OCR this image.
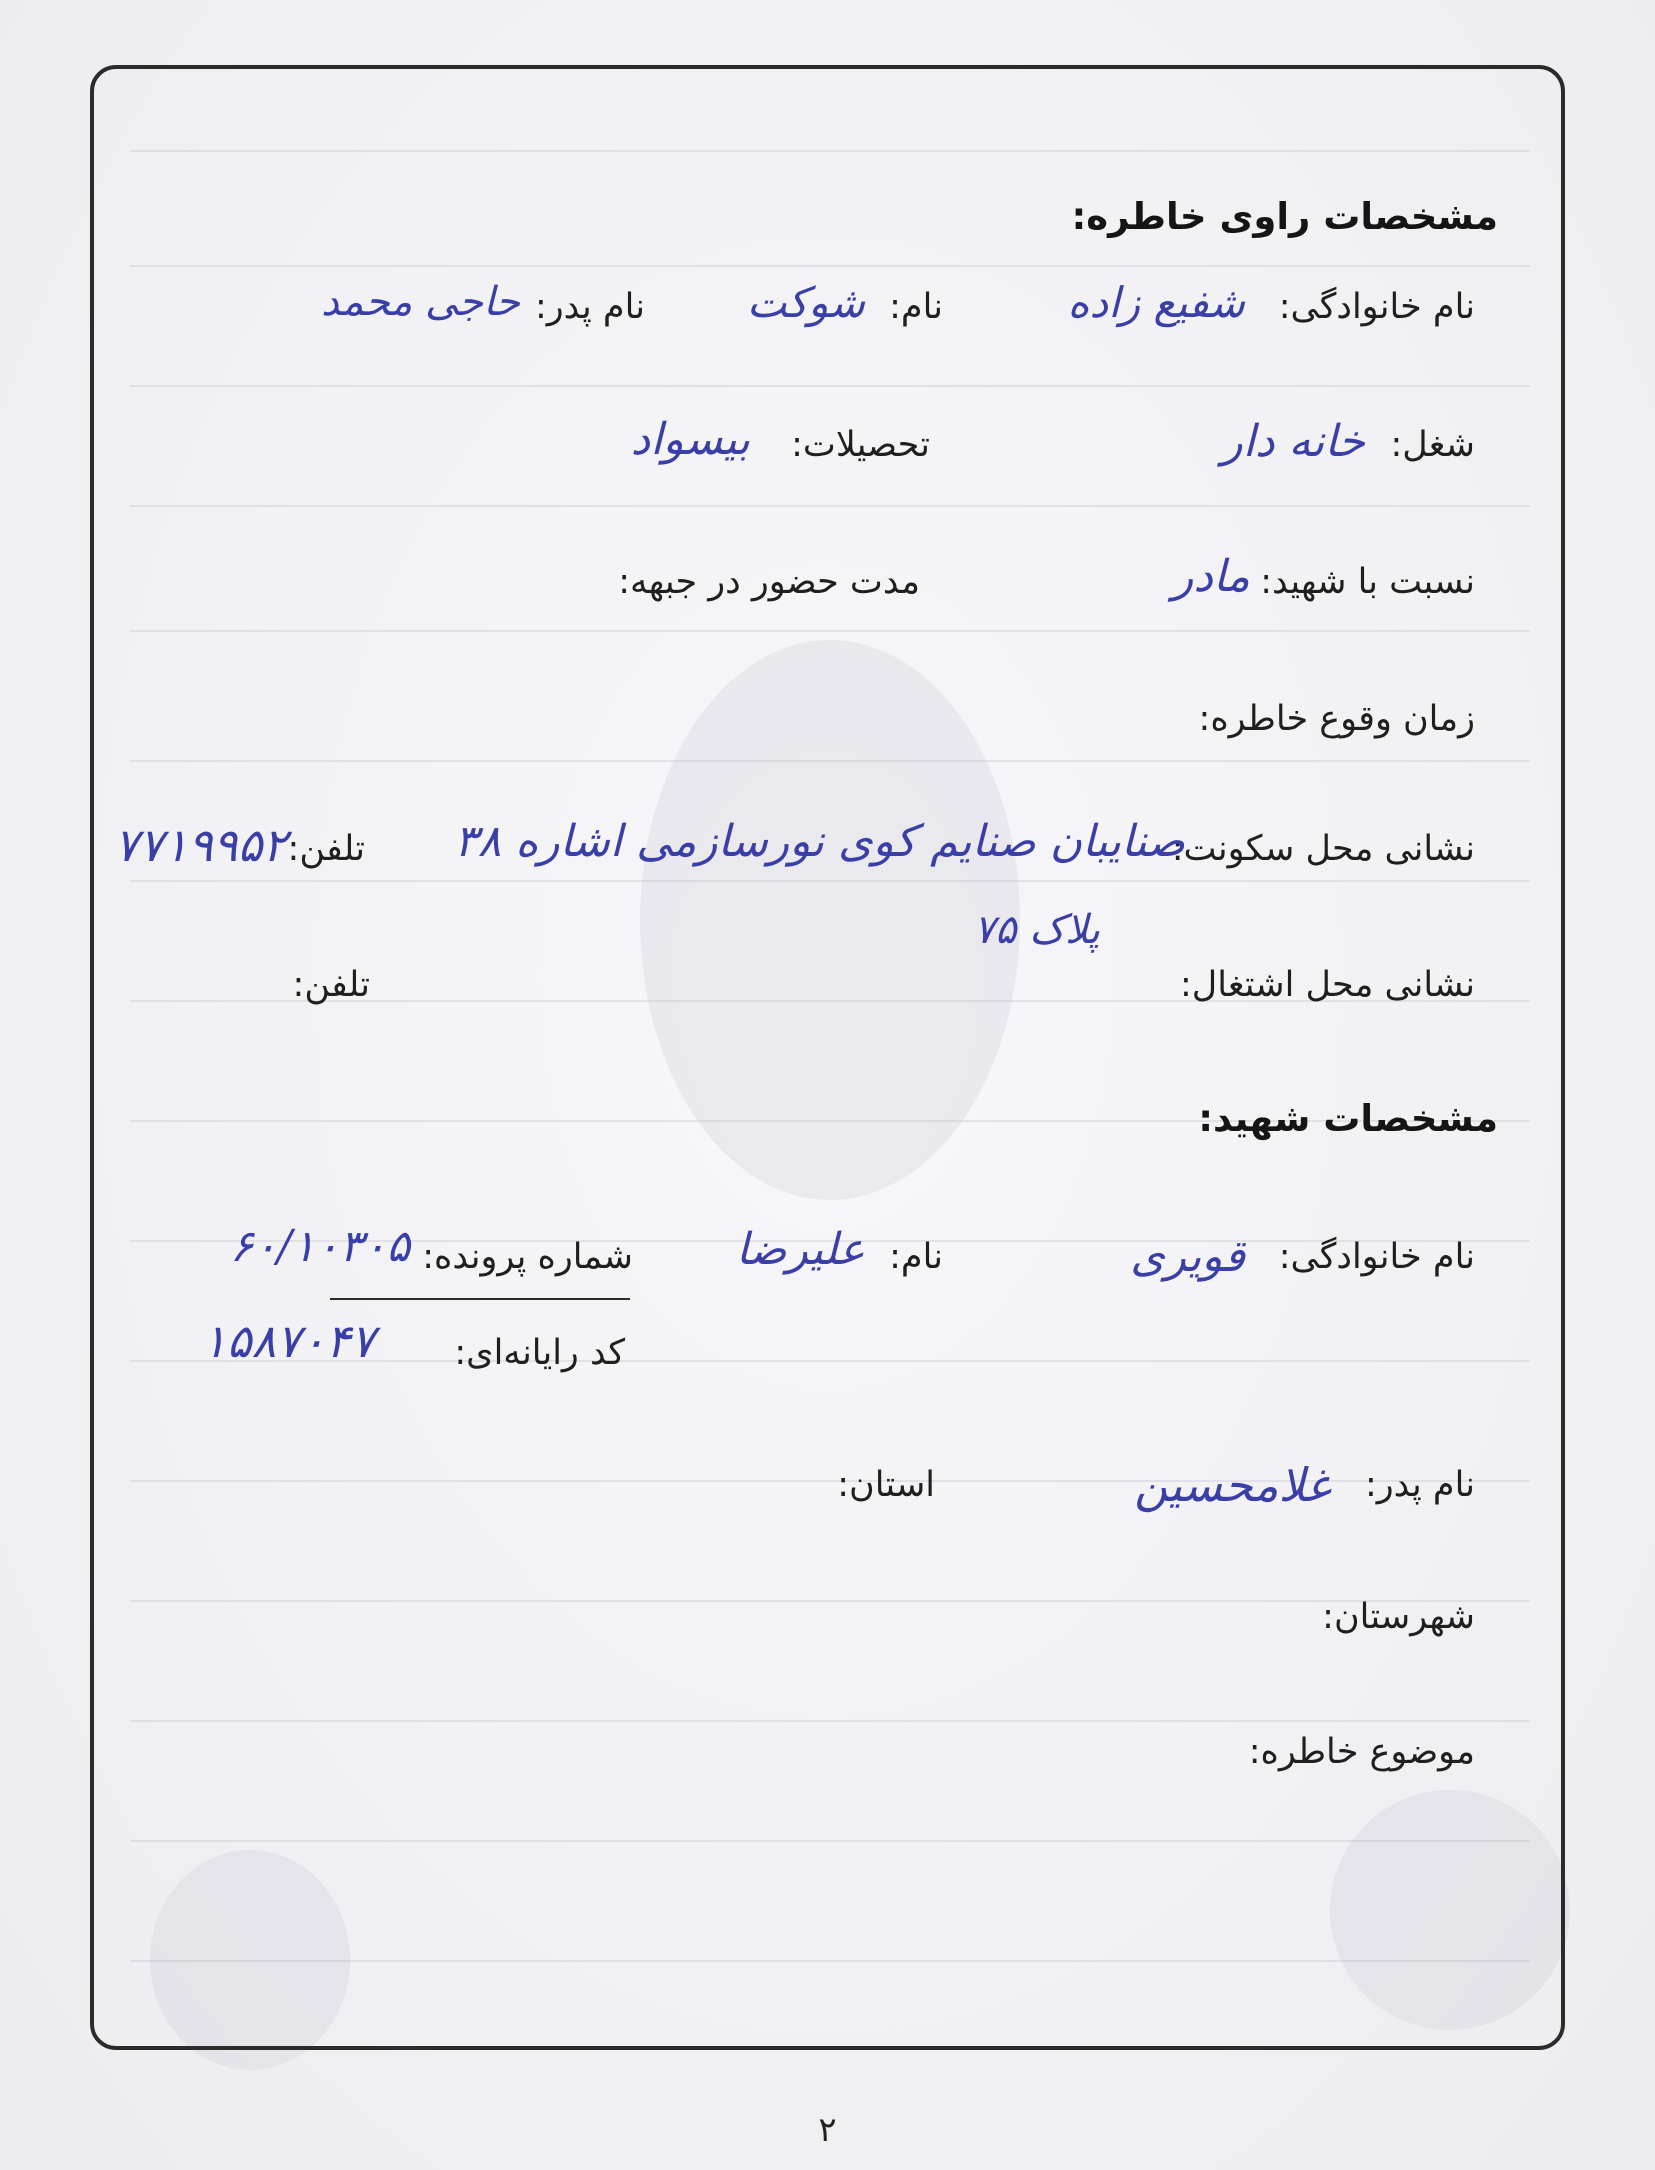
مشخصات راوی خاطره:
نام خانوادگی:
شفیع زاده
نام:
شوکت
نام پدر:
حاجی محمد
شغل:
خانه دار
تحصیلات:
بیسواد
نسبت با شهید:
مادر
مدت حضور در جبهه:
زمان وقوع خاطره:
نشانی محل سکونت:
صنایبان صنایم کوی نورسازمی اشاره ۳۸
پلاک ۷۵
تلفن:
۷۷۱۹۹۵۲
نشانی محل اشتغال:
تلفن:
مشخصات شهید:
نام خانوادگی:
قویری
نام:
علیرضا
شماره پرونده:
۶۰/۱۰۳۰۵
کد رایانه‌ای:
۱۵۸۷۰۴۷
نام پدر:
غلامحسین
استان:
شهرستان:
موضوع خاطره:
۲
